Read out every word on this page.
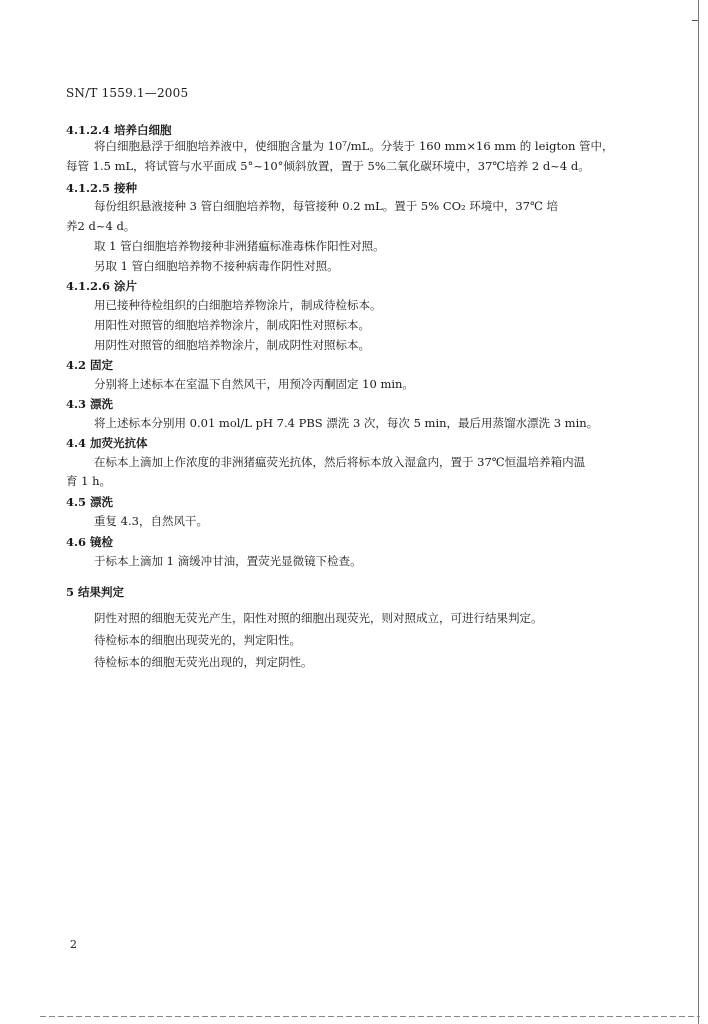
SN/T 1559.1—2005
4.1.2.4 培养白细胞
将白细胞悬浮于细胞培养液中，使细胞含量为 10⁷/mL。分装于 160 mm×16 mm 的 leigton 管中，
每管 1.5 mL，将试管与水平面成 5°~10°倾斜放置，置于 5%二氧化碳环境中，37℃培养 2 d~4 d。
4.1.2.5 接种
每份组织悬液接种 3 管白细胞培养物，每管接种 0.2 mL。置于 5% CO₂ 环境中，37℃ 培
养2 d~4 d。
取 1 管白细胞培养物接种非洲猪瘟标准毒株作阳性对照。
另取 1 管白细胞培养物不接种病毒作阴性对照。
4.1.2.6 涂片
用已接种待检组织的白细胞培养物涂片，制成待检标本。
用阳性对照管的细胞培养物涂片，制成阳性对照标本。
用阴性对照管的细胞培养物涂片，制成阴性对照标本。
4.2 固定
分别将上述标本在室温下自然风干，用预冷丙酮固定 10 min。
4.3 漂洗
将上述标本分别用 0.01 mol/L pH 7.4 PBS 漂洗 3 次，每次 5 min，最后用蒸馏水漂洗 3 min。
4.4 加荧光抗体
在标本上滴加上作浓度的非洲猪瘟荧光抗体，然后将标本放入湿盒内，置于 37℃恒温培养箱内温
育 1 h。
4.5 漂洗
重复 4.3，自然风干。
4.6 镜检
于标本上滴加 1 滴缓冲甘油，置荧光显微镜下检查。
5 结果判定
阴性对照的细胞无荧光产生，阳性对照的细胞出现荧光，则对照成立，可进行结果判定。
待检标本的细胞出现荧光的，判定阳性。
待检标本的细胞无荧光出现的，判定阴性。
2
